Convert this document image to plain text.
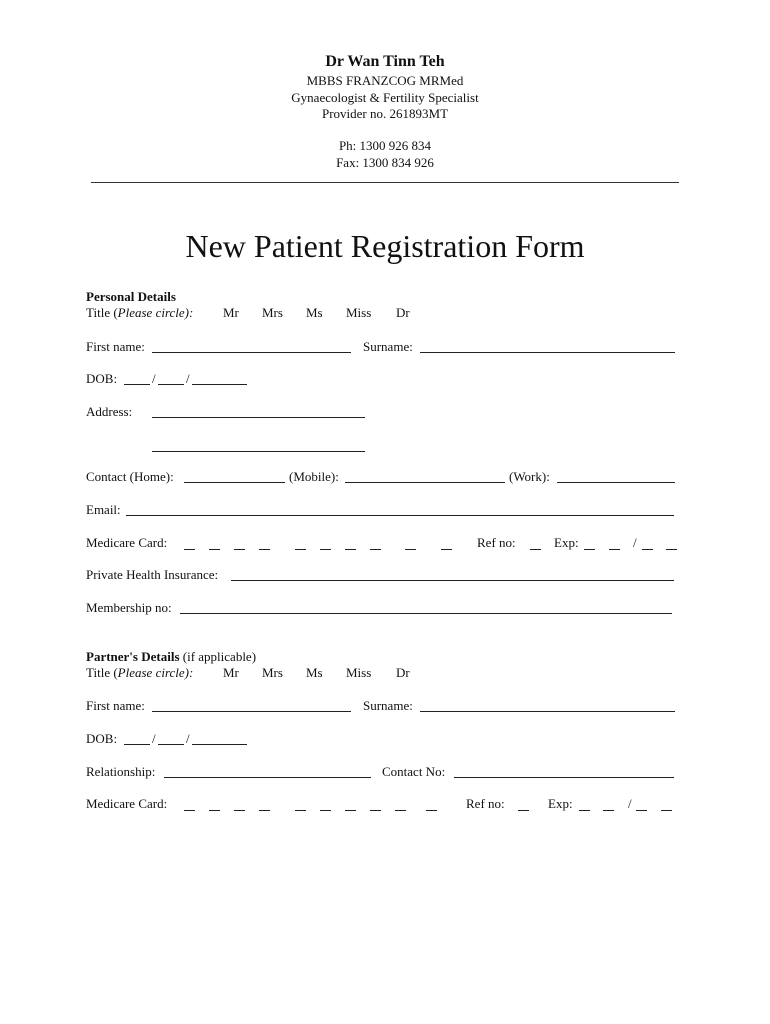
Dr Wan Tinn Teh
MBBS FRANZCOG MRMed
Gynaecologist & Fertility Specialist
Provider no. 261893MT
Ph: 1300 926 834
Fax: 1300 834 926
New Patient Registration Form
Personal Details
Title (Please circle): Mr Mrs Ms Miss Dr
First name:	Surname:
DOB:	/ /
Address:
Contact (Home):	(Mobile):	(Work):
Email:
Medicare Card:	Ref no:	Exp:	/
Private Health Insurance:
Membership no:
Partner's Details (if applicable)
Title (Please circle): Mr Mrs Ms Miss Dr
First name:	Surname:
DOB:	/ /
Relationship:	Contact No:
Medicare Card:	Ref no:	Exp:	/
